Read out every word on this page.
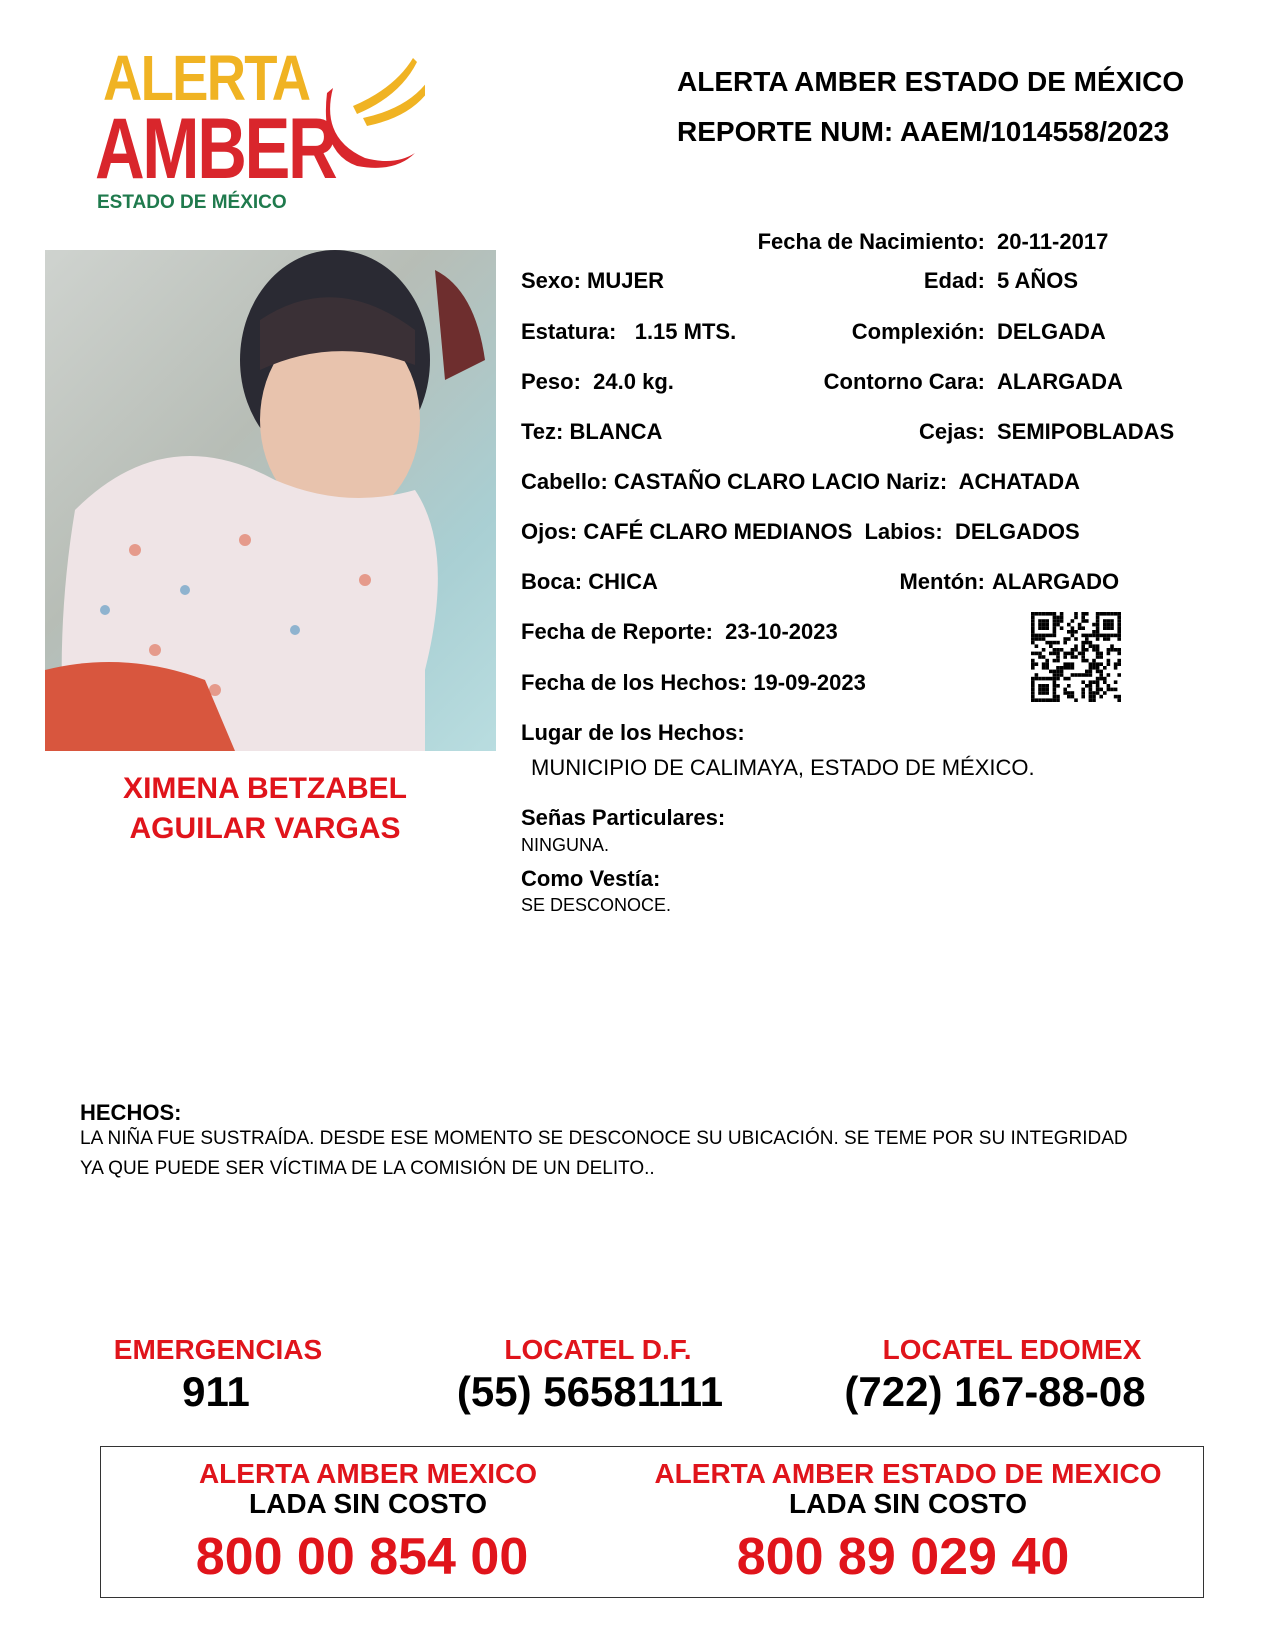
ALERTA
AMBER
ESTADO DE MÉXICO
ALERTA AMBER ESTADO DE MÉXICO
REPORTE NUM: AAEM/1014558/2023
XIMENA BETZABEL
AGUILAR VARGAS
Fecha de Nacimiento: 20-11-2017
Sexo: MUJER	Edad: 5 AÑOS
Estatura: 1.15 MTS.	Complexión: DELGADA
Peso: 24.0 kg.	Contorno Cara: ALARGADA
Tez: BLANCA	Cejas: SEMIPOBLADAS
Cabello: CASTAÑO CLARO LACIO Nariz: ACHATADA
Ojos: CAFÉ CLARO MEDIANOS Labios: DELGADOS
Boca: CHICA	Mentón: ALARGADO
Fecha de Reporte: 23-10-2023
Fecha de los Hechos: 19-09-2023
Lugar de los Hechos:
MUNICIPIO DE CALIMAYA, ESTADO DE MÉXICO.
Señas Particulares:
NINGUNA.
Como Vestía:
SE DESCONOCE.
HECHOS:
LA NIÑA FUE SUSTRAÍDA. DESDE ESE MOMENTO SE DESCONOCE SU UBICACIÓN. SE TEME POR SU INTEGRIDAD
YA QUE PUEDE SER VÍCTIMA DE LA COMISIÓN DE UN DELITO..
EMERGENCIAS
911
LOCATEL D.F.
(55) 56581111
LOCATEL EDOMEX
(722) 167-88-08
ALERTA AMBER MEXICO
LADA SIN COSTO
800 00 854 00
ALERTA AMBER ESTADO DE MEXICO
LADA SIN COSTO
800 89 029 40
